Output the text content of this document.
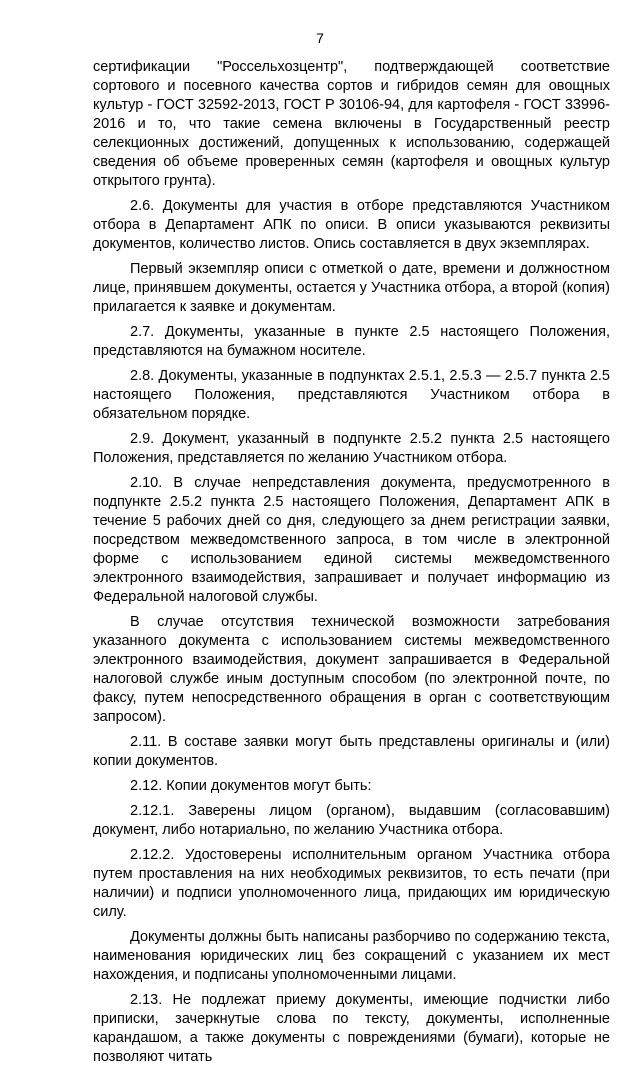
7

сертификации "Россельхозцентр", подтверждающей соответствие сортового и посевного качества сортов и гибридов семян для овощных культур - ГОСТ 32592-2013, ГОСТ Р 30106-94, для картофеля - ГОСТ 33996-2016 и то, что такие семена включены в Государственный реестр селекционных достижений, допущенных к использованию, содержащей сведения об объеме проверенных семян (картофеля и овощных культур открытого грунта).

2.6. Документы для участия в отборе представляются Участником отбора в Департамент АПК по описи. В описи указываются реквизиты документов, количество листов. Опись составляется в двух экземплярах.

Первый экземпляр описи с отметкой о дате, времени и должностном лице, принявшем документы, остается у Участника отбора, а второй (копия) прилагается к заявке и документам.

2.7. Документы, указанные в пункте 2.5 настоящего Положения, представляются на бумажном носителе.

2.8. Документы, указанные в подпунктах 2.5.1, 2.5.3 — 2.5.7 пункта 2.5 настоящего Положения, представляются Участником отбора в обязательном порядке.

2.9. Документ, указанный в подпункте 2.5.2 пункта 2.5 настоящего Положения, представляется по желанию Участником отбора.

2.10. В случае непредставления документа, предусмотренного в подпункте 2.5.2 пункта 2.5 настоящего Положения, Департамент АПК в течение 5 рабочих дней со дня, следующего за днем регистрации заявки, посредством межведомственного запроса, в том числе в электронной форме с использованием единой системы межведомственного электронного взаимодействия, запрашивает и получает информацию из Федеральной налоговой службы.

В случае отсутствия технической возможности затребования указанного документа с использованием системы межведомственного электронного взаимодействия, документ запрашивается в Федеральной налоговой службе иным доступным способом (по электронной почте, по факсу, путем непосредственного обращения в орган с соответствующим запросом).

2.11. В составе заявки могут быть представлены оригиналы и (или) копии документов.

2.12. Копии документов могут быть:

2.12.1. Заверены лицом (органом), выдавшим (согласовавшим) документ, либо нотариально, по желанию Участника отбора.

2.12.2. Удостоверены исполнительным органом Участника отбора путем проставления на них необходимых реквизитов, то есть печати (при наличии) и подписи уполномоченного лица, придающих им юридическую силу.

Документы должны быть написаны разборчиво по содержанию текста, наименования юридических лиц без сокращений с указанием их мест нахождения, и подписаны уполномоченными лицами.

2.13. Не подлежат приему документы, имеющие подчистки либо приписки, зачеркнутые слова по тексту, документы, исполненные карандашом, а также документы с повреждениями (бумаги), которые не позволяют читать
